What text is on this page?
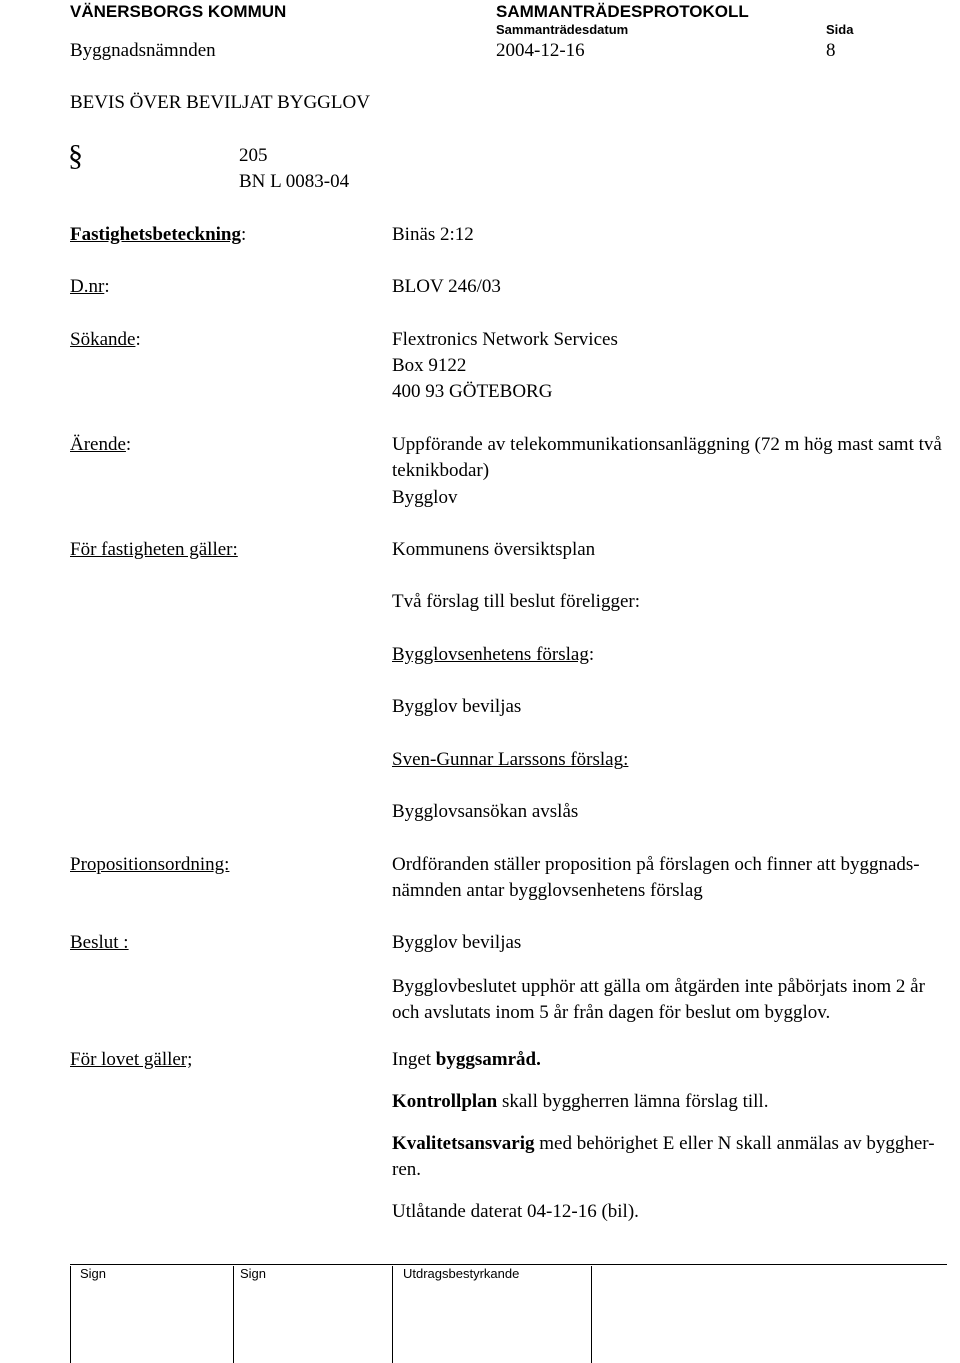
VÄNERSBORGS KOMMUN	SAMMANTRÄDESPROTOKOLL
Sammanträdesdatum	Sida
Byggnadsnämnden	2004-12-16	8
BEVIS ÖVER BEVILJAT BYGGLOV
§	205
BN L 0083-04
Fastighetsbeteckning:	Binäs 2:12
D.nr:	BLOV 246/03
Sökande:	Flextronics Network Services
Box 9122
400 93 GÖTEBORG
Ärende:	Uppförande av telekommunikationsanläggning (72 m hög mast samt två teknikbodar)
Bygglov
För fastigheten gäller:	Kommunens översiktsplan
Två förslag till beslut föreligger:
Bygglovsenhetens förslag:
Bygglov beviljas
Sven-Gunnar Larssons förslag:
Bygglovsansökan avslås
Propositionsordning:	Ordföranden ställer proposition på förslagen och finner att byggnads-
nämnden antar bygglovsenhetens förslag
Beslut :	Bygglov beviljas
Bygglovbeslutet upphör att gälla om åtgärden inte påbörjats inom 2 år
och avslutats inom 5 år från dagen för beslut om bygglov.
För lovet gäller;	Inget byggsamråd.
Kontrollplan skall byggherren lämna förslag till.
Kvalitetsansvarig med behörighet E eller N skall anmälas av byggher-
ren.
Utlåtande daterat 04-12-16 (bil).
Sign	Sign	Utdragsbestyrkande
